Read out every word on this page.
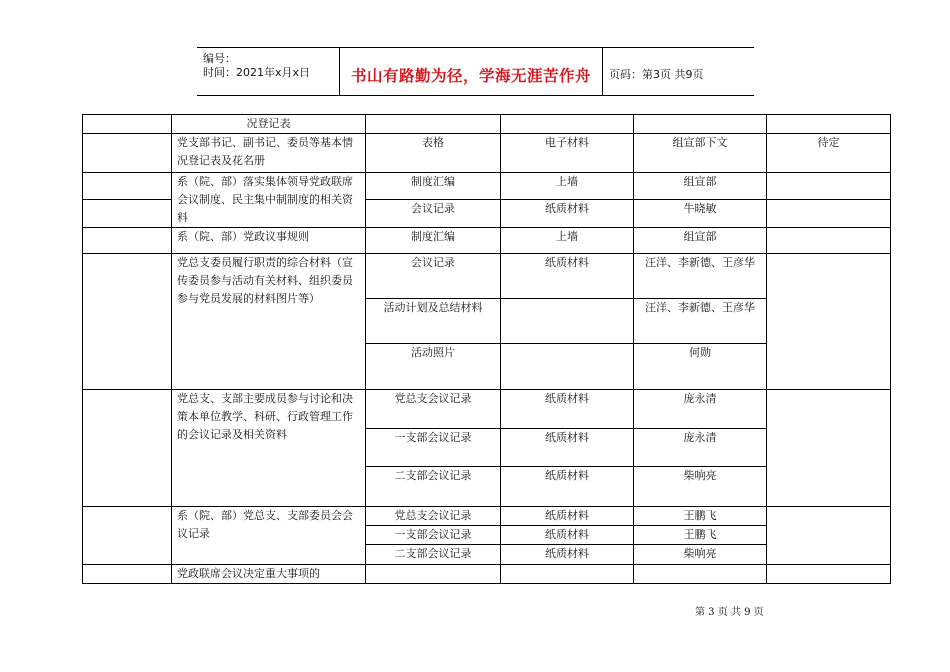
编号：
时间：2021年x月x日	书山有路勤为径，学海无涯苦作舟	页码：第3页 共9页
	况登记表				
	党支部书记、副书记、委员等基本情况登记表及花名册	表格	电子材料	组宣部下文	待定
	系（院、部）落实集体领导党政联席会议制度、民主集中制制度的相关资料	制度汇编	上墙	组宣部	
		会议记录	纸质材料	牛晓敏	
	系（院、部）党政议事规则	制度汇编	上墙	组宣部	
	党总支委员履行职责的综合材料（宣传委员参与活动有关材料、组织委员参与党员发展的材料图片等）	会议记录	纸质材料	汪洋、李新德、王彦华	
		活动计划及总结材料		汪洋、李新德、王彦华	
		活动照片		何勋	
	党总支、支部主要成员参与讨论和决策本单位教学、科研、行政管理工作的会议记录及相关资料	党总支会议记录	纸质材料	庞永清	
		一支部会议记录	纸质材料	庞永清	
		二支部会议记录	纸质材料	柴响亮	
	系（院、部）党总支、支部委员会会议记录	党总支会议记录	纸质材料	王鹏飞	
		一支部会议记录	纸质材料	王鹏飞	
		二支部会议记录	纸质材料	柴响亮	
	党政联席会议决定重大事项的				
第 3 页 共 9 页
